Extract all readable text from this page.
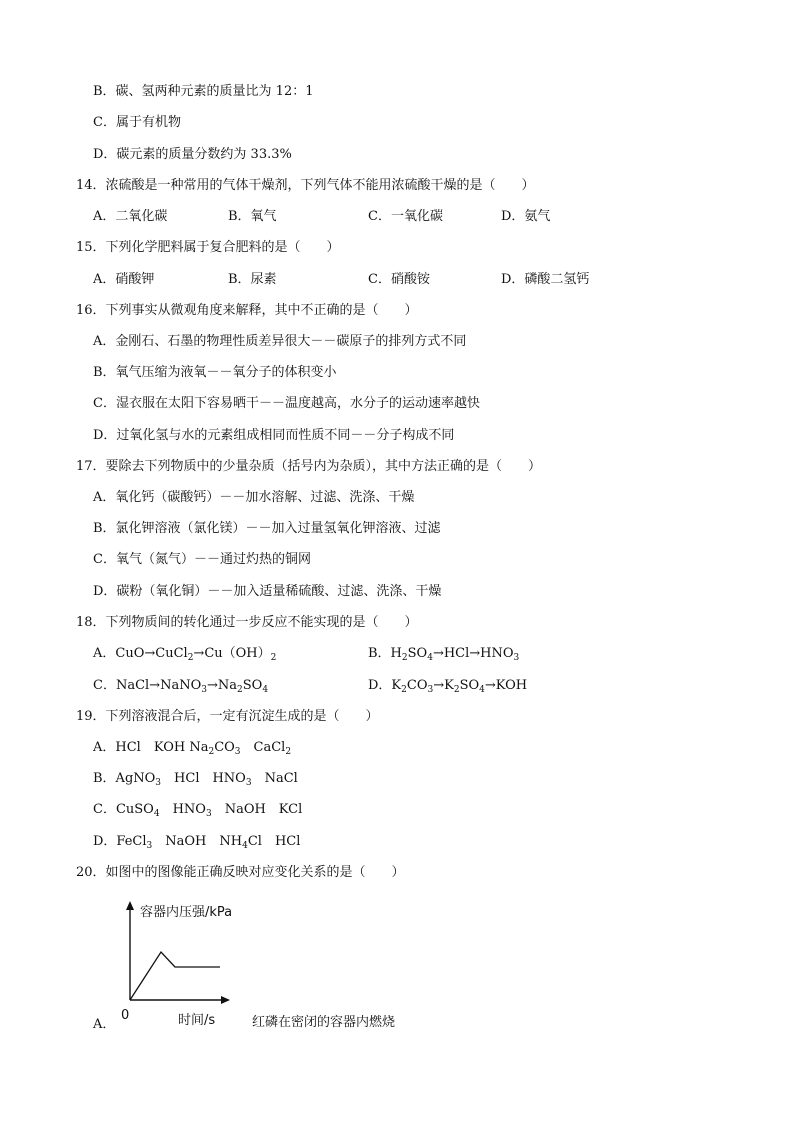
B．碳、氢两种元素的质量比为 12：1
C．属于有机物
D．碳元素的质量分数约为 33.3%
14．浓硫酸是一种常用的气体干燥剂，下列气体不能用浓硫酸干燥的是（　　）
A．二氧化碳	B．氧气	C．一氧化碳	D．氨气
15．下列化学肥料属于复合肥料的是（　　）
A．硝酸钾	B．尿素	C．硝酸铵	D．磷酸二氢钙
16．下列事实从微观角度来解释，其中不正确的是（　　）
A．金刚石、石墨的物理性质差异很大－－碳原子的排列方式不同
B．氧气压缩为液氧－－氧分子的体积变小
C．湿衣服在太阳下容易晒干－－温度越高，水分子的运动速率越快
D．过氧化氢与水的元素组成相同而性质不同－－分子构成不同
17．要除去下列物质中的少量杂质（括号内为杂质），其中方法正确的是（　　）
A．氧化钙（碳酸钙）－－加水溶解、过滤、洗涤、干燥
B．氯化钾溶液（氯化镁）－－加入过量氢氧化钾溶液、过滤
C．氧气（氮气）－－通过灼热的铜网
D．碳粉（氧化铜）－－加入适量稀硫酸、过滤、洗涤、干燥
18．下列物质间的转化通过一步反应不能实现的是（　　）
A．$CuO\to CuCl_2\to Cu(OH)_2$	B．$H_2SO_4\to HCl\to HNO_3$
C．$NaCl\to NaNO_3\to Na_2SO_4$	D．$K_2CO_3\to K_2SO_4\to KOH$
19．下列溶液混合后，一定有沉淀生成的是（　　）
A．HCl　KOH $Na_2CO_3$　CaCl$_2$
B．AgNO$_3$　HCl　$HNO_3$　NaCl
C．CuSO$_4$　$HNO_3$　NaOH　KCl
D．FeCl$_3$　NaOH　$NH_4Cl$　HCl
20．如图中的图像能正确反映对应变化关系的是（　　）
容器内压强/kPa
A．
0	时间/s	红磷在密闭的容器内燃烧
